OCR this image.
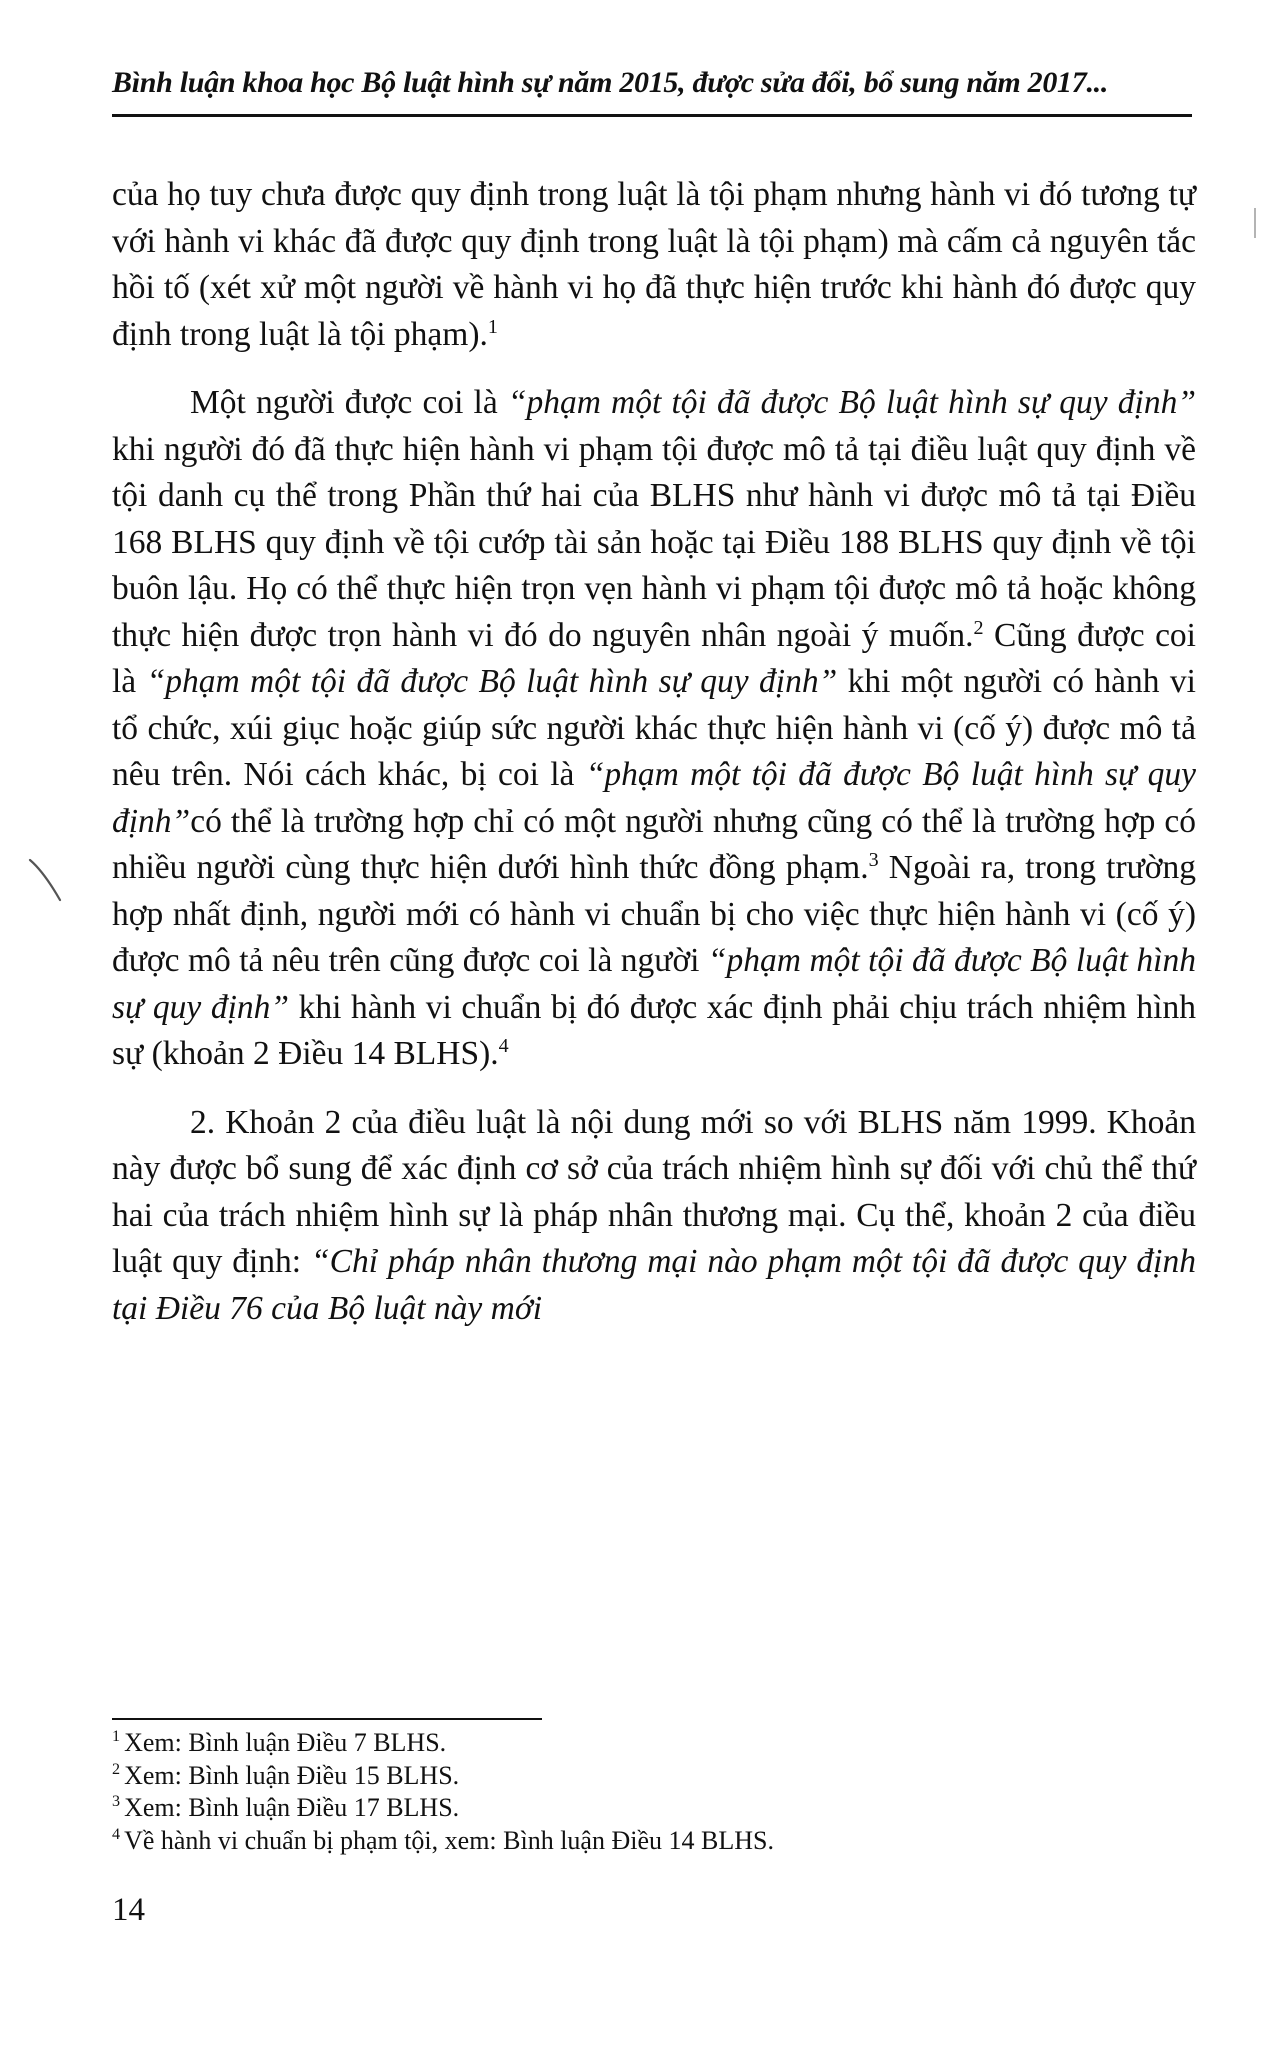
Bình luận khoa học Bộ luật hình sự năm 2015, được sửa đổi, bổ sung năm 2017...

của họ tuy chưa được quy định trong luật là tội phạm nhưng hành vi đó tương tự với hành vi khác đã được quy định trong luật là tội phạm) mà cấm cả nguyên tắc hồi tố (xét xử một người về hành vi họ đã thực hiện trước khi hành đó được quy định trong luật là tội phạm).$^1$

Một người được coi là “phạm một tội đã được Bộ luật hình sự quy định” khi người đó đã thực hiện hành vi phạm tội được mô tả tại điều luật quy định về tội danh cụ thể trong Phần thứ hai của BLHS như hành vi được mô tả tại Điều 168 BLHS quy định về tội cướp tài sản hoặc tại Điều 188 BLHS quy định về tội buôn lậu. Họ có thể thực hiện trọn vẹn hành vi phạm tội được mô tả hoặc không thực hiện được trọn hành vi đó do nguyên nhân ngoài ý muốn.$^2$ Cũng được coi là “phạm một tội đã được Bộ luật hình sự quy định” khi một người có hành vi tổ chức, xúi giục hoặc giúp sức người khác thực hiện hành vi (cố ý) được mô tả nêu trên. Nói cách khác, bị coi là “phạm một tội đã được Bộ luật hình sự quy định”có thể là trường hợp chỉ có một người nhưng cũng có thể là trường hợp có nhiều người cùng thực hiện dưới hình thức đồng phạm.$^3$ Ngoài ra, trong trường hợp nhất định, người mới có hành vi chuẩn bị cho việc thực hiện hành vi (cố ý) được mô tả nêu trên cũng được coi là người “phạm một tội đã được Bộ luật hình sự quy định” khi hành vi chuẩn bị đó được xác định phải chịu trách nhiệm hình sự (khoản 2 Điều 14 BLHS).$^4$

2. Khoản 2 của điều luật là nội dung mới so với BLHS năm 1999. Khoản này được bổ sung để xác định cơ sở của trách nhiệm hình sự đối với chủ thể thứ hai của trách nhiệm hình sự là pháp nhân thương mại. Cụ thể, khoản 2 của điều luật quy định: “Chỉ pháp nhân thương mại nào phạm một tội đã được quy định tại Điều 76 của Bộ luật này mới

$^1$ Xem: Bình luận Điều 7 BLHS.
$^2$ Xem: Bình luận Điều 15 BLHS.
$^3$ Xem: Bình luận Điều 17 BLHS.
$^4$ Về hành vi chuẩn bị phạm tội, xem: Bình luận Điều 14 BLHS.
14
